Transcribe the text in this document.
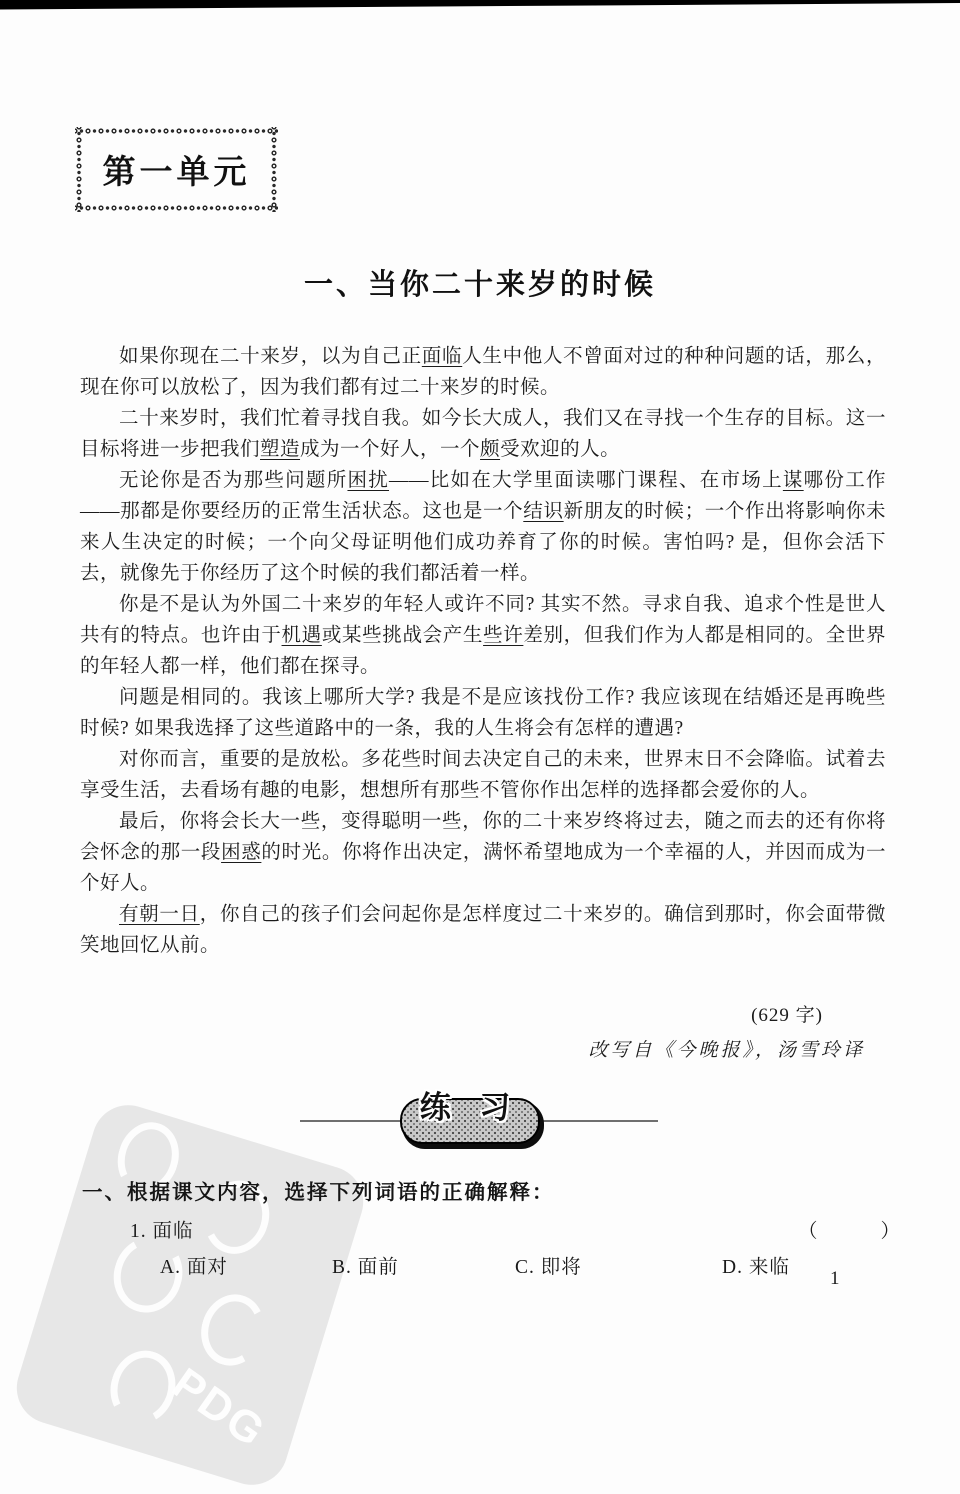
PDG
第一单元
一、当你二十来岁的时候

如果你现在二十来岁，以为自己正面临人生中他人不曾面对过的种种问题的话，那么，现在你可以放松了，因为我们都有过二十来岁的时候。

二十来岁时，我们忙着寻找自我。如今长大成人，我们又在寻找一个生存的目标。这一目标将进一步把我们塑造成为一个好人，一个颇受欢迎的人。

无论你是否为那些问题所困扰——比如在大学里面读哪门课程、在市场上谋哪份工作——那都是你要经历的正常生活状态。这也是一个结识新朋友的时候；一个作出将影响你未来人生决定的时候；一个向父母证明他们成功养育了你的时候。害怕吗? 是，但你会活下去，就像先于你经历了这个时候的我们都活着一样。

你是不是认为外国二十来岁的年轻人或许不同? 其实不然。寻求自我、追求个性是世人共有的特点。也许由于机遇或某些挑战会产生些许差别，但我们作为人都是相同的。全世界的年轻人都一样，他们都在探寻。

问题是相同的。我该上哪所大学? 我是不是应该找份工作? 我应该现在结婚还是再晚些时候? 如果我选择了这些道路中的一条，我的人生将会有怎样的遭遇?

对你而言，重要的是放松。多花些时间去决定自己的未来，世界末日不会降临。试着去享受生活，去看场有趣的电影，想想所有那些不管你作出怎样的选择都会爱你的人。

最后，你将会长大一些，变得聪明一些，你的二十来岁终将过去，随之而去的还有你将会怀念的那一段困惑的时光。你将作出决定，满怀希望地成为一个幸福的人，并因而成为一个好人。

有朝一日，你自己的孩子们会问起你是怎样度过二十来岁的。确信到那时，你会面带微笑地回忆从前。

(629 字)
改写自《今晚报》，汤雪玲译
练 习

一、根据课文内容，选择下列词语的正确解释：

1. 面临	（　　）
A. 面对	B. 面前	C. 即将	D. 来临
1
